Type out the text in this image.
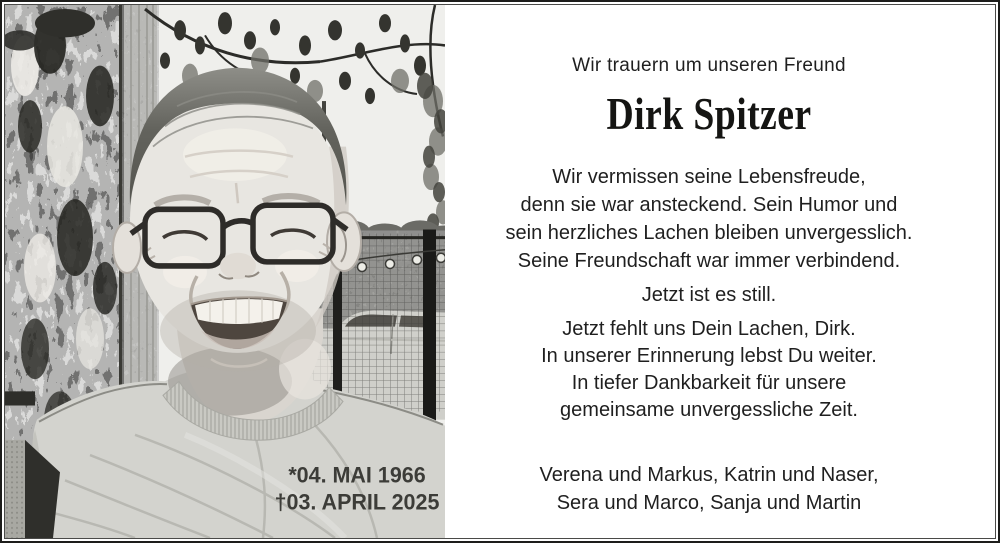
*04. MAI 1966
†03. APRIL 2025
Wir trauern um unseren Freund
Dirk Spitzer
Wir vermissen seine Lebensfreude,
denn sie war ansteckend. Sein Humor und
sein herzliches Lachen bleiben unvergesslich.
Seine Freundschaft war immer verbindend.
Jetzt ist es still.
Jetzt fehlt uns Dein Lachen, Dirk.
In unserer Erinnerung lebst Du weiter.
In tiefer Dankbarkeit für unsere
gemeinsame unvergessliche Zeit.
Verena und Markus, Katrin und Naser,
Sera und Marco, Sanja und Martin
